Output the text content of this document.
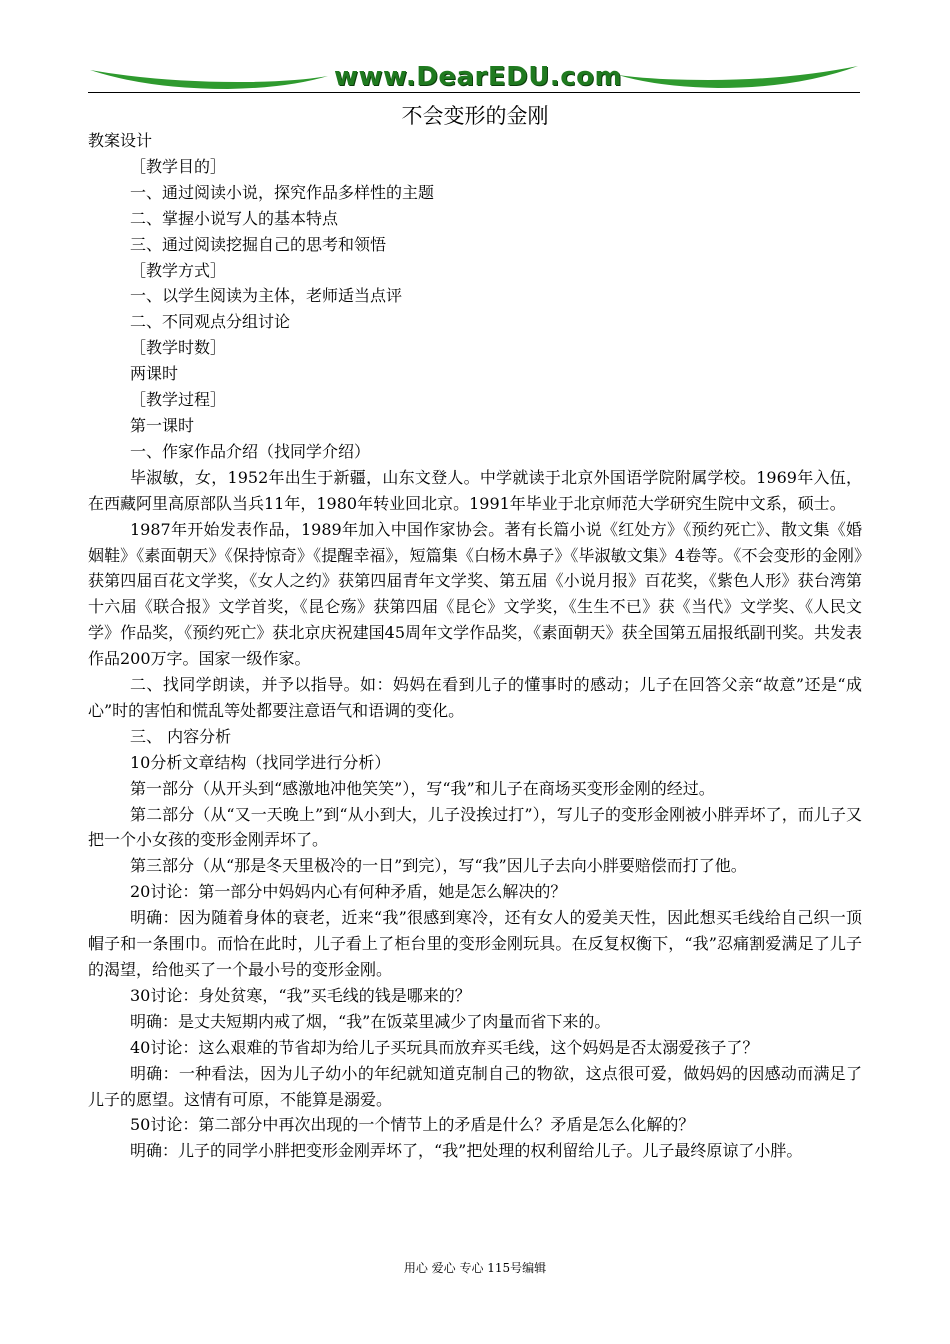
www.DearEDU.com
不会变形的金刚

教案设计

［教学目的］

一、通过阅读小说，探究作品多样性的主题

二、掌握小说写人的基本特点

三、通过阅读挖掘自己的思考和领悟

［教学方式］

一、以学生阅读为主体，老师适当点评

二、不同观点分组讨论

［教学时数］

两课时

［教学过程］

第一课时

一、作家作品介绍（找同学介绍）

毕淑敏，女，1952年出生于新疆，山东文登人。中学就读于北京外国语学院附属学校。1969年入伍，在西藏阿里高原部队当兵11年，1980年转业回北京。1991年毕业于北京师范大学研究生院中文系，硕士。

1987年开始发表作品，1989年加入中国作家协会。著有长篇小说《红处方》《预约死亡》、散文集《婚姻鞋》《素面朝天》《保持惊奇》《提醒幸福》，短篇集《白杨木鼻子》《毕淑敏文集》4卷等。《不会变形的金刚》获第四届百花文学奖，《女人之约》获第四届青年文学奖、第五届《小说月报》百花奖，《紫色人形》获台湾第十六届《联合报》文学首奖，《昆仑殇》获第四届《昆仑》文学奖，《生生不已》获《当代》文学奖、《人民文学》作品奖，《预约死亡》获北京庆祝建国45周年文学作品奖，《素面朝天》获全国第五届报纸副刊奖。共发表作品200万字。国家一级作家。

二、找同学朗读，并予以指导。如：妈妈在看到儿子的懂事时的感动；儿子在回答父亲“故意”还是“成心”时的害怕和慌乱等处都要注意语气和语调的变化。

三、 内容分析

10分析文章结构（找同学进行分析）

第一部分（从开头到“感激地冲他笑笑”），写“我”和儿子在商场买变形金刚的经过。

第二部分（从“又一天晚上”到“从小到大，儿子没挨过打”），写儿子的变形金刚被小胖弄坏了，而儿子又把一个小女孩的变形金刚弄坏了。

第三部分（从“那是冬天里极冷的一日”到完），写“我”因儿子去向小胖要赔偿而打了他。

20讨论：第一部分中妈妈内心有何种矛盾，她是怎么解决的？

明确：因为随着身体的衰老，近来“我”很感到寒冷，还有女人的爱美天性，因此想买毛线给自己织一顶帽子和一条围巾。而恰在此时，儿子看上了柜台里的变形金刚玩具。在反复权衡下，“我”忍痛割爱满足了儿子的渴望，给他买了一个最小号的变形金刚。

30讨论：身处贫寒，“我”买毛线的钱是哪来的？

明确：是丈夫短期内戒了烟，“我”在饭菜里减少了肉量而省下来的。

40讨论：这么艰难的节省却为给儿子买玩具而放弃买毛线，这个妈妈是否太溺爱孩子了？

明确：一种看法，因为儿子幼小的年纪就知道克制自己的物欲，这点很可爱，做妈妈的因感动而满足了儿子的愿望。这情有可原，不能算是溺爱。

50讨论：第二部分中再次出现的一个情节上的矛盾是什么？矛盾是怎么化解的？

明确：儿子的同学小胖把变形金刚弄坏了，“我”把处理的权利留给儿子。儿子最终原谅了小胖。

用心 爱心 专心 115号编辑
